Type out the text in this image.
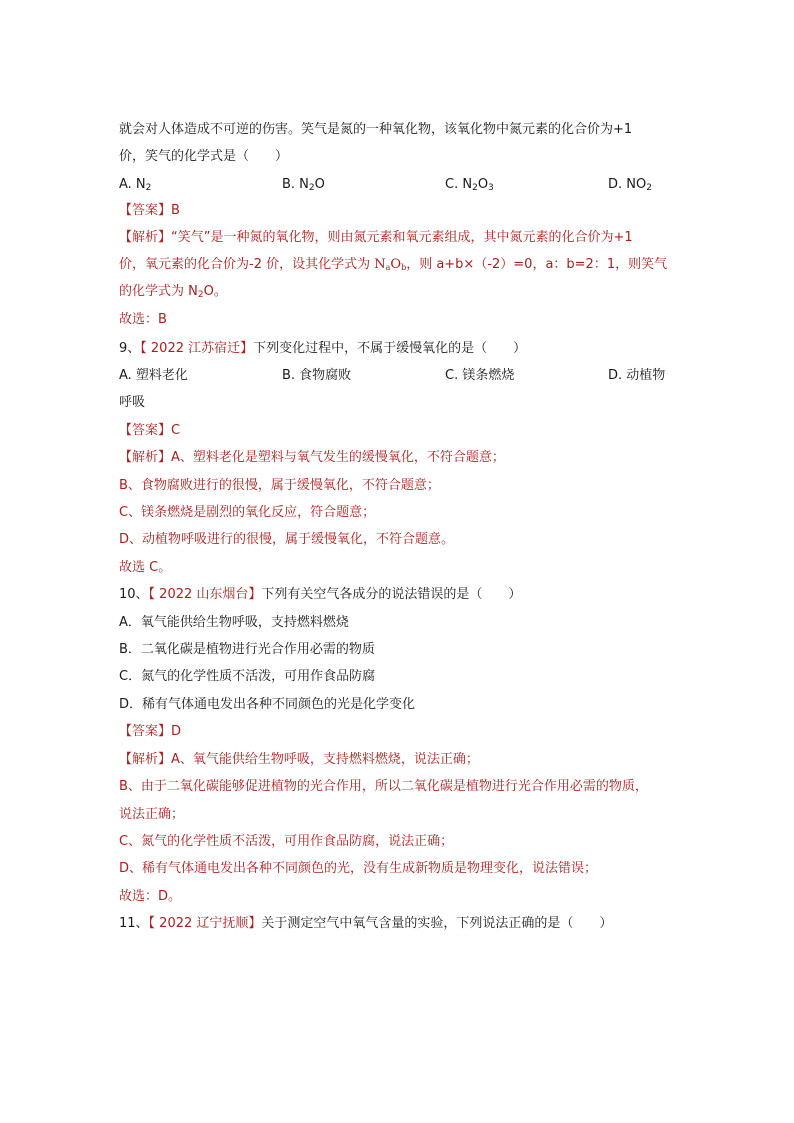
就会对人体造成不可逆的伤害。笑气是氮的一种氧化物，该氧化物中氮元素的化合价为+1
价，笑气的化学式是（　　）
A. $N_2$	B. $N_2O$	C. $N_2O_3$	D. $NO_2$
【答案】B
【解析】“笑气”是一种氮的氧化物，则由氮元素和氧元素组成，其中氮元素的化合价为+1
价，氧元素的化合价为-2 价，设其化学式为 $N_aO_b$，则 a+b×（-2）=0，a：b=2：1，则笑气
的化学式为 $N_2O$。
故选：B
9、【 2022 江苏宿迁】下列变化过程中，不属于缓慢氧化的是（　　）
A. 塑料老化	B. 食物腐败	C. 镁条燃烧	D. 动植物
呼吸
【答案】C
【解析】A、塑料老化是塑料与氧气发生的缓慢氧化，不符合题意；
B、食物腐败进行的很慢，属于缓慢氧化，不符合题意；
C、镁条燃烧是剧烈的氧化反应，符合题意；
D、动植物呼吸进行的很慢，属于缓慢氧化，不符合题意。
故选 C。
10、【 2022 山东烟台】下列有关空气各成分的说法错误的是（　　）
A．氧气能供给生物呼吸，支持燃料燃烧
B．二氧化碳是植物进行光合作用必需的物质
C．氮气的化学性质不活泼，可用作食品防腐
D．稀有气体通电发出各种不同颜色的光是化学变化
【答案】D
【解析】A、氧气能供给生物呼吸，支持燃料燃烧，说法正确；
B、由于二氧化碳能够促进植物的光合作用，所以二氧化碳是植物进行光合作用必需的物质，
说法正确；
C、氮气的化学性质不活泼，可用作食品防腐，说法正确；
D、稀有气体通电发出各种不同颜色的光，没有生成新物质是物理变化，说法错误；
故选：D。
11、【 2022 辽宁抚顺】关于测定空气中氧气含量的实验，下列说法正确的是（　　）
